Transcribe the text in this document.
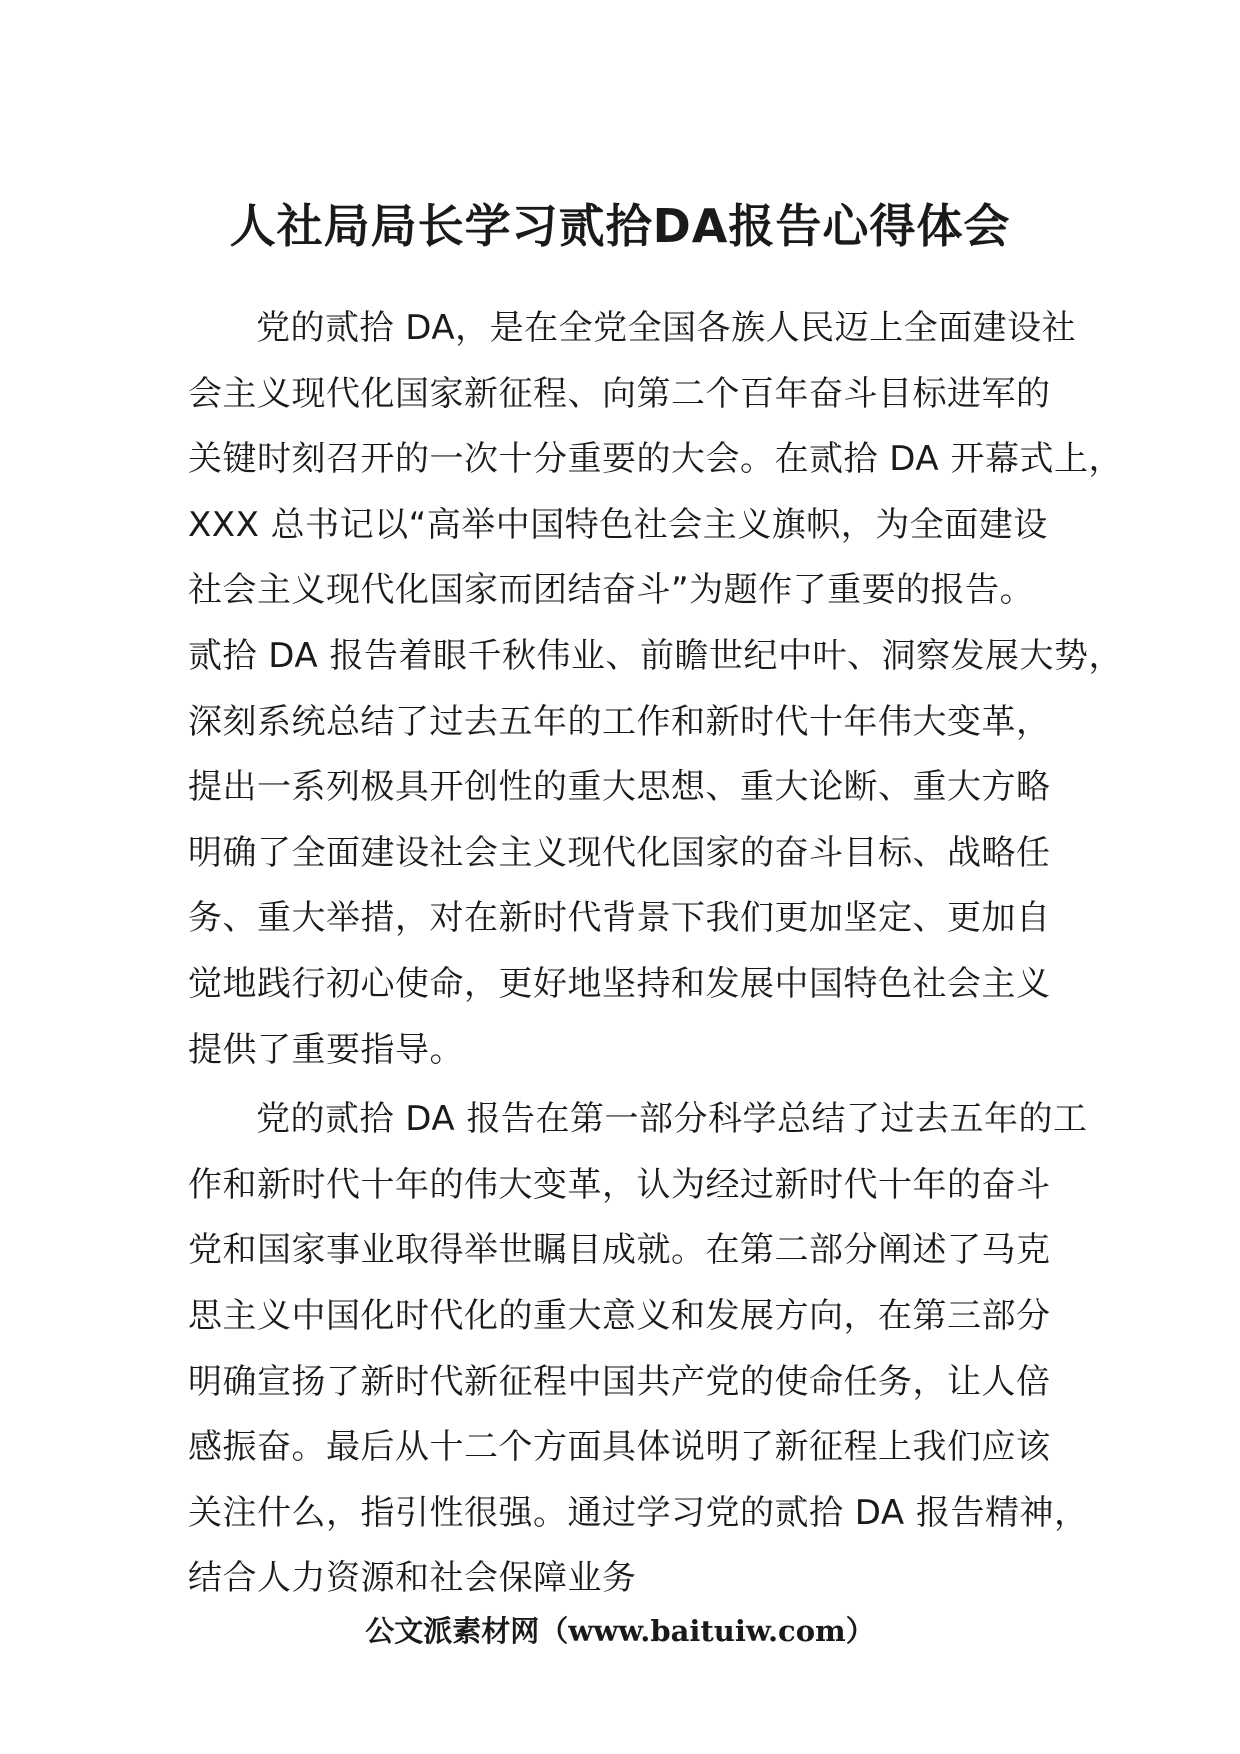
人社局局长学习贰拾DA报告心得体会
党的贰拾 DA，是在全党全国各族人民迈上全面建设社
会主义现代化国家新征程、向第二个百年奋斗目标进军的
关键时刻召开的一次十分重要的大会。在贰拾 DA 开幕式上，
XXX 总书记以“高举中国特色社会主义旗帜，为全面建设
社会主义现代化国家而团结奋斗”为题作了重要的报告。
贰拾 DA 报告着眼千秋伟业、前瞻世纪中叶、洞察发展大势，
深刻系统总结了过去五年的工作和新时代十年伟大变革，
提出一系列极具开创性的重大思想、重大论断、重大方略
明确了全面建设社会主义现代化国家的奋斗目标、战略任
务、重大举措，对在新时代背景下我们更加坚定、更加自
觉地践行初心使命，更好地坚持和发展中国特色社会主义
提供了重要指导。
党的贰拾 DA 报告在第一部分科学总结了过去五年的工
作和新时代十年的伟大变革，认为经过新时代十年的奋斗
党和国家事业取得举世瞩目成就。在第二部分阐述了马克
思主义中国化时代化的重大意义和发展方向，在第三部分
明确宣扬了新时代新征程中国共产党的使命任务，让人倍
感振奋。最后从十二个方面具体说明了新征程上我们应该
关注什么，指引性很强。通过学习党的贰拾 DA 报告精神，
结合人力资源和社会保障业务
公文派素材网（www.baituiw.com）
